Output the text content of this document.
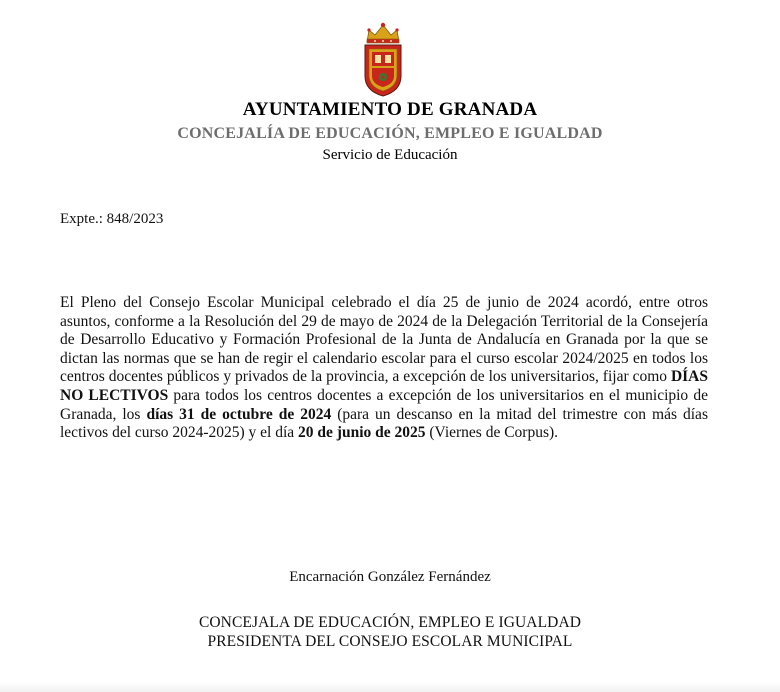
AYUNTAMIENTO DE GRANADA
CONCEJALÍA DE EDUCACIÓN, EMPLEO E IGUALDAD
Servicio de Educación
Expte.: 848/2023
El Pleno del Consejo Escolar Municipal celebrado el día 25 de junio de 2024 acordó, entre otros asuntos, conforme a la Resolución del 29 de mayo de 2024 de la Delegación Territorial de la Consejería de Desarrollo Educativo y Formación Profesional de la Junta de Andalucía en Granada por la que se dictan las normas que se han de regir el calendario escolar para el curso escolar 2024/2025 en todos los centros docentes públicos y privados de la provincia, a excepción de los universitarios, fijar como DÍAS NO LECTIVOS para todos los centros docentes a excepción de los universitarios en el municipio de Granada, los días 31 de octubre de 2024 (para un descanso en la mitad del trimestre con más días lectivos del curso 2024-2025) y el día 20 de junio de 2025 (Viernes de Corpus).
Encarnación González Fernández
CONCEJALA DE EDUCACIÓN, EMPLEO E IGUALDAD
PRESIDENTA DEL CONSEJO ESCOLAR MUNICIPAL
